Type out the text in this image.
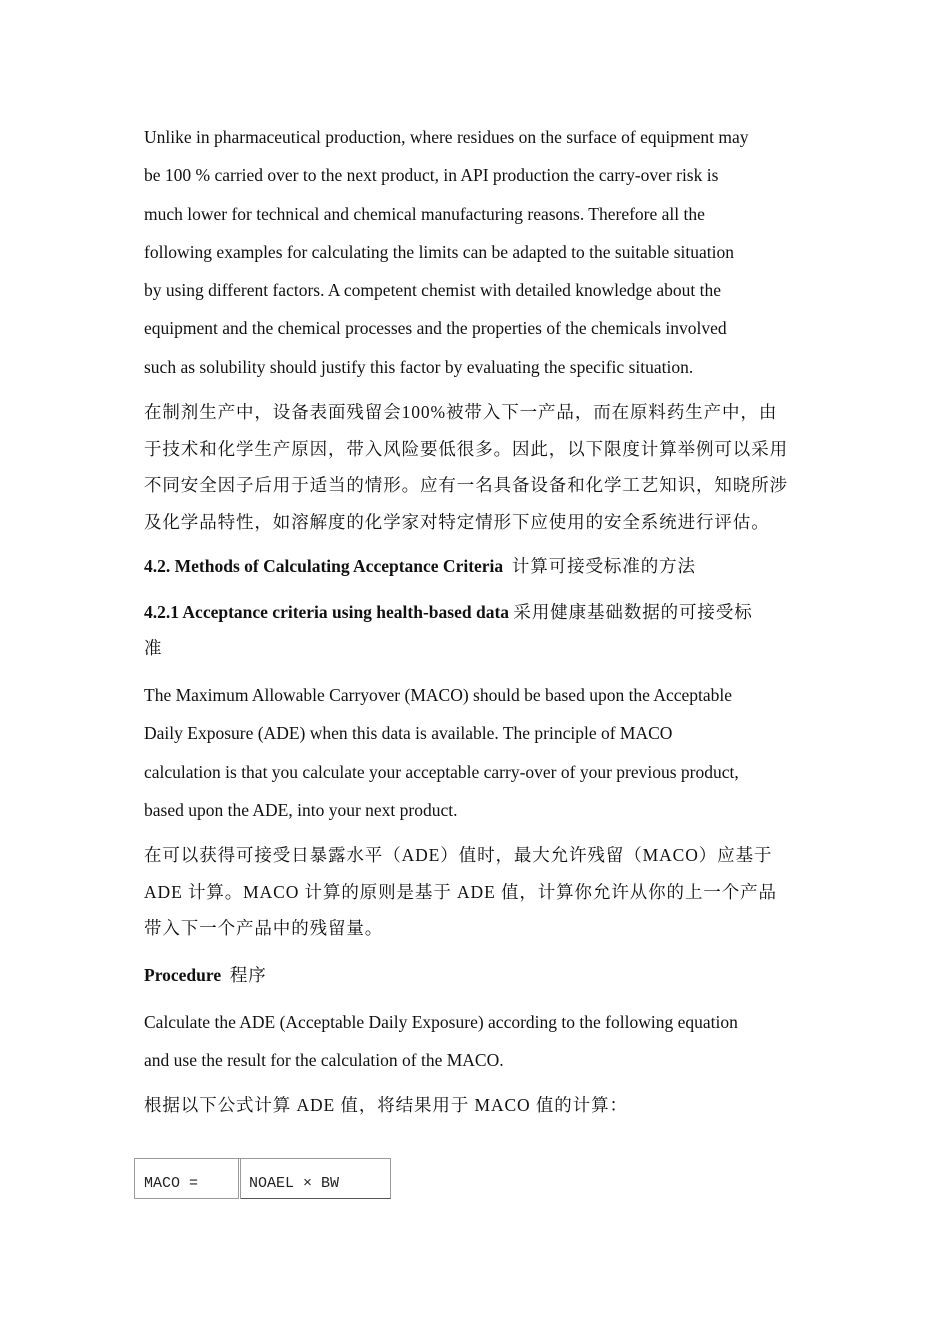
Unlike in pharmaceutical production, where residues on the surface of equipment may

be 100 % carried over to the next product, in API production the carry-over risk is

much lower for technical and chemical manufacturing reasons. Therefore all the

following examples for calculating the limits can be adapted to the suitable situation

by using different factors. A competent chemist with detailed knowledge about the

equipment and the chemical processes and the properties of the chemicals involved

such as solubility should justify this factor by evaluating the specific situation.

在制剂生产中，设备表面残留会100%被带入下一产品，而在原料药生产中，由

于技术和化学生产原因，带入风险要低很多。因此，以下限度计算举例可以采用

不同安全因子后用于适当的情形。应有一名具备设备和化学工艺知识，知晓所涉

及化学品特性，如溶解度的化学家对特定情形下应使用的安全系统进行评估。

4.2. Methods of Calculating Acceptance Criteria 计算可接受标准的方法

4.2.1 Acceptance criteria using health-based data 采用健康基础数据的可接受标
准

The Maximum Allowable Carryover (MACO) should be based upon the Acceptable

Daily Exposure (ADE) when this data is available. The principle of MACO

calculation is that you calculate your acceptable carry-over of your previous product,

based upon the ADE, into your next product.

在可以获得可接受日暴露水平（ADE）值时，最大允许残留（MACO）应基于

ADE 计算。MACO 计算的原则是基于 ADE 值，计算你允许从你的上一个产品

带入下一个产品中的残留量。

Procedure 程序

Calculate the ADE (Acceptable Daily Exposure) according to the following equation

and use the result for the calculation of the MACO.

根据以下公式计算 ADE 值，将结果用于 MACO 值的计算：

MACO =	NOAEL × BW
